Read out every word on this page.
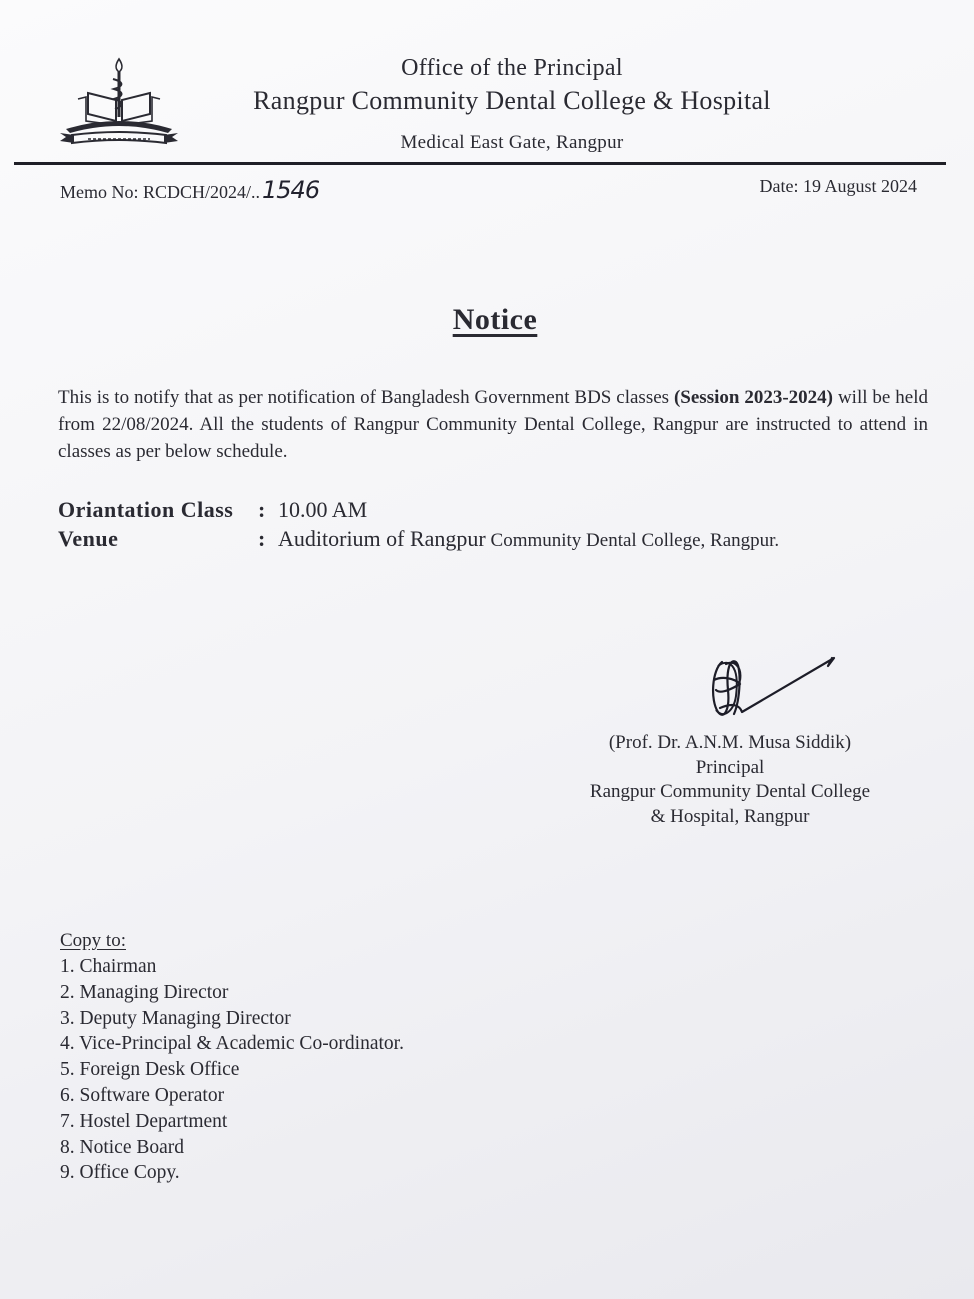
Office of the Principal
Rangpur Community Dental College & Hospital
Medical East Gate, Rangpur
Memo No: RCDCH/2024/..1546	Date: 19 August 2024
Notice

This is to notify that as per notification of Bangladesh Government BDS classes (Session 2023-2024) will be held from 22/08/2024. All the students of Rangpur Community Dental College, Rangpur are instructed to attend in classes as per below schedule.

Oriantation Class : 10.00 AM
Venue	: Auditorium of Rangpur Community Dental College, Rangpur.
(Prof. Dr. A.N.M. Musa Siddik)
Principal
Rangpur Community Dental College
& Hospital, Rangpur
Copy to:
1. Chairman
2. Managing Director
3. Deputy Managing Director
4. Vice-Principal & Academic Co-ordinator.
5. Foreign Desk Office
6. Software Operator
7. Hostel Department
8. Notice Board
9. Office Copy.
